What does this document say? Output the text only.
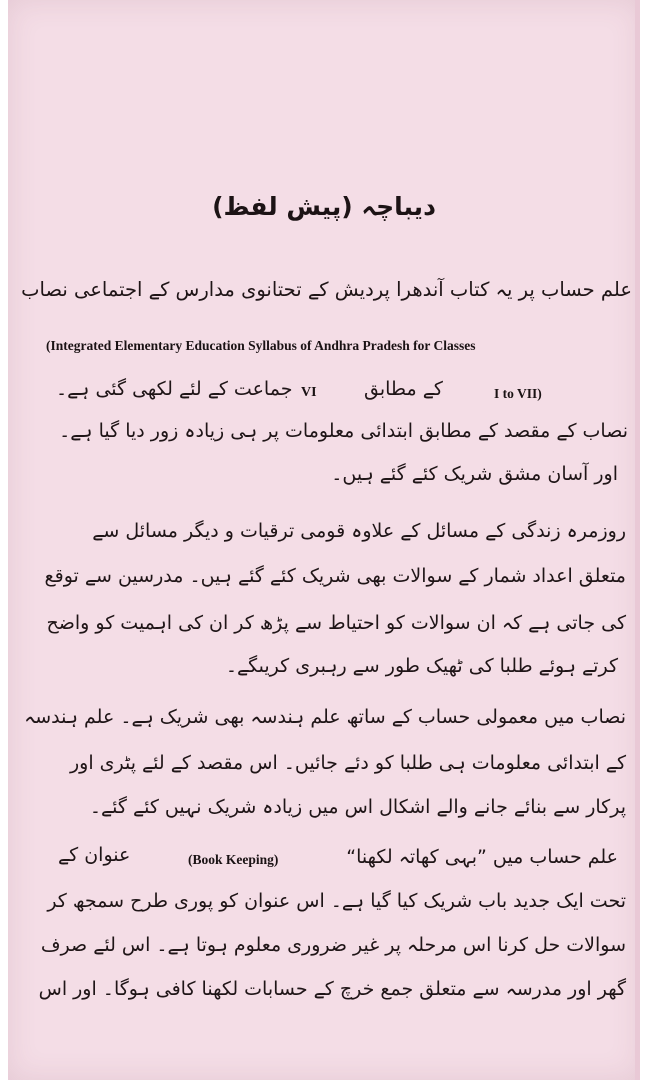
دیباچہ (پیش لفظ)
علم حساب پر یہ کتاب آندھرا پردیش کے تحتانوی مدارس کے اجتماعی نصاب
(Integrated Elementary Education Syllabus of Andhra Pradesh for Classes
I to VII)
کے مطابق
VI
جماعت کے لئے لکھی گئی ہے۔
نصاب کے مقصد کے مطابق ابتدائی معلومات پر ہی زیادہ زور دیا گیا ہے۔
اور آسان مشق شریک کئے گئے ہیں۔
روزمرہ زندگی کے مسائل کے علاوہ قومی ترقیات و دیگر مسائل سے
متعلق اعداد شمار کے سوالات بھی شریک کئے گئے ہیں۔ مدرسین سے توقع
کی جاتی ہے کہ ان سوالات کو احتیاط سے پڑھ کر ان کی اہمیت کو واضح
کرتے ہوئے طلبا کی ٹھیک طور سے رہبری کریںگے۔
نصاب میں معمولی حساب کے ساتھ علم ہندسہ بھی شریک ہے۔ علم ہندسہ
کے ابتدائی معلومات ہی طلبا کو دئے جائیں۔ اس مقصد کے لئے پٹری اور
پرکار سے بنائے جانے والے اشکال اس میں زیادہ شریک نہیں کئے گئے۔
علم حساب میں ”بہی کھاتہ لکھنا“
(Book Keeping)
عنوان کے
تحت ایک جدید باب شریک کیا گیا ہے۔ اس عنوان کو پوری طرح سمجھ کر
سوالات حل کرنا اس مرحلہ پر غیر ضروری معلوم ہوتا ہے۔ اس لئے صرف
گھر اور مدرسہ سے متعلق جمع خرچ کے حسابات لکھنا کافی ہوگا۔ اور اس
